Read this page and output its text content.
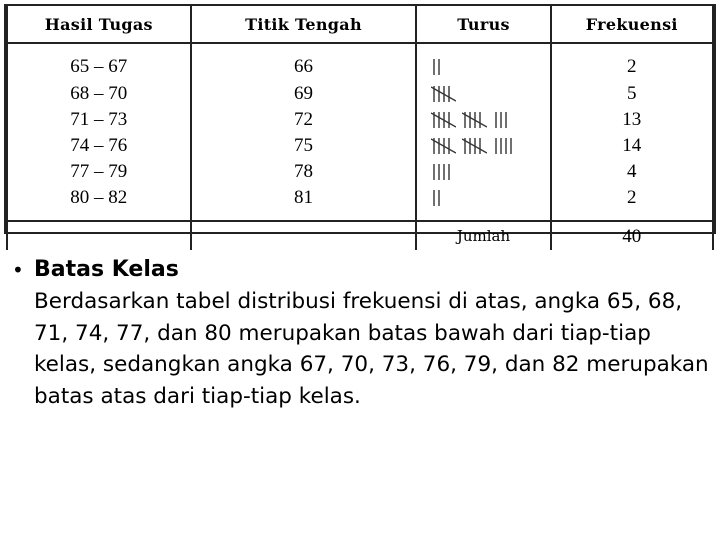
Hasil Tugas	Titik Tengah	Turus	Frekuensi
65 – 67	66		2
68 – 70	69		5
71 – 73	72		13
74 – 76	75		14
77 – 79	78		4
80 – 82	81		2
		Jumlah	40
• Batas Kelas
Berdasarkan tabel distribusi frekuensi di atas, angka 65, 68, 71, 74, 77, dan 80 merupakan batas bawah dari tiap-tiap kelas, sedangkan angka 67, 70, 73, 76, 79, dan 82 merupakan batas atas dari tiap-tiap kelas.
